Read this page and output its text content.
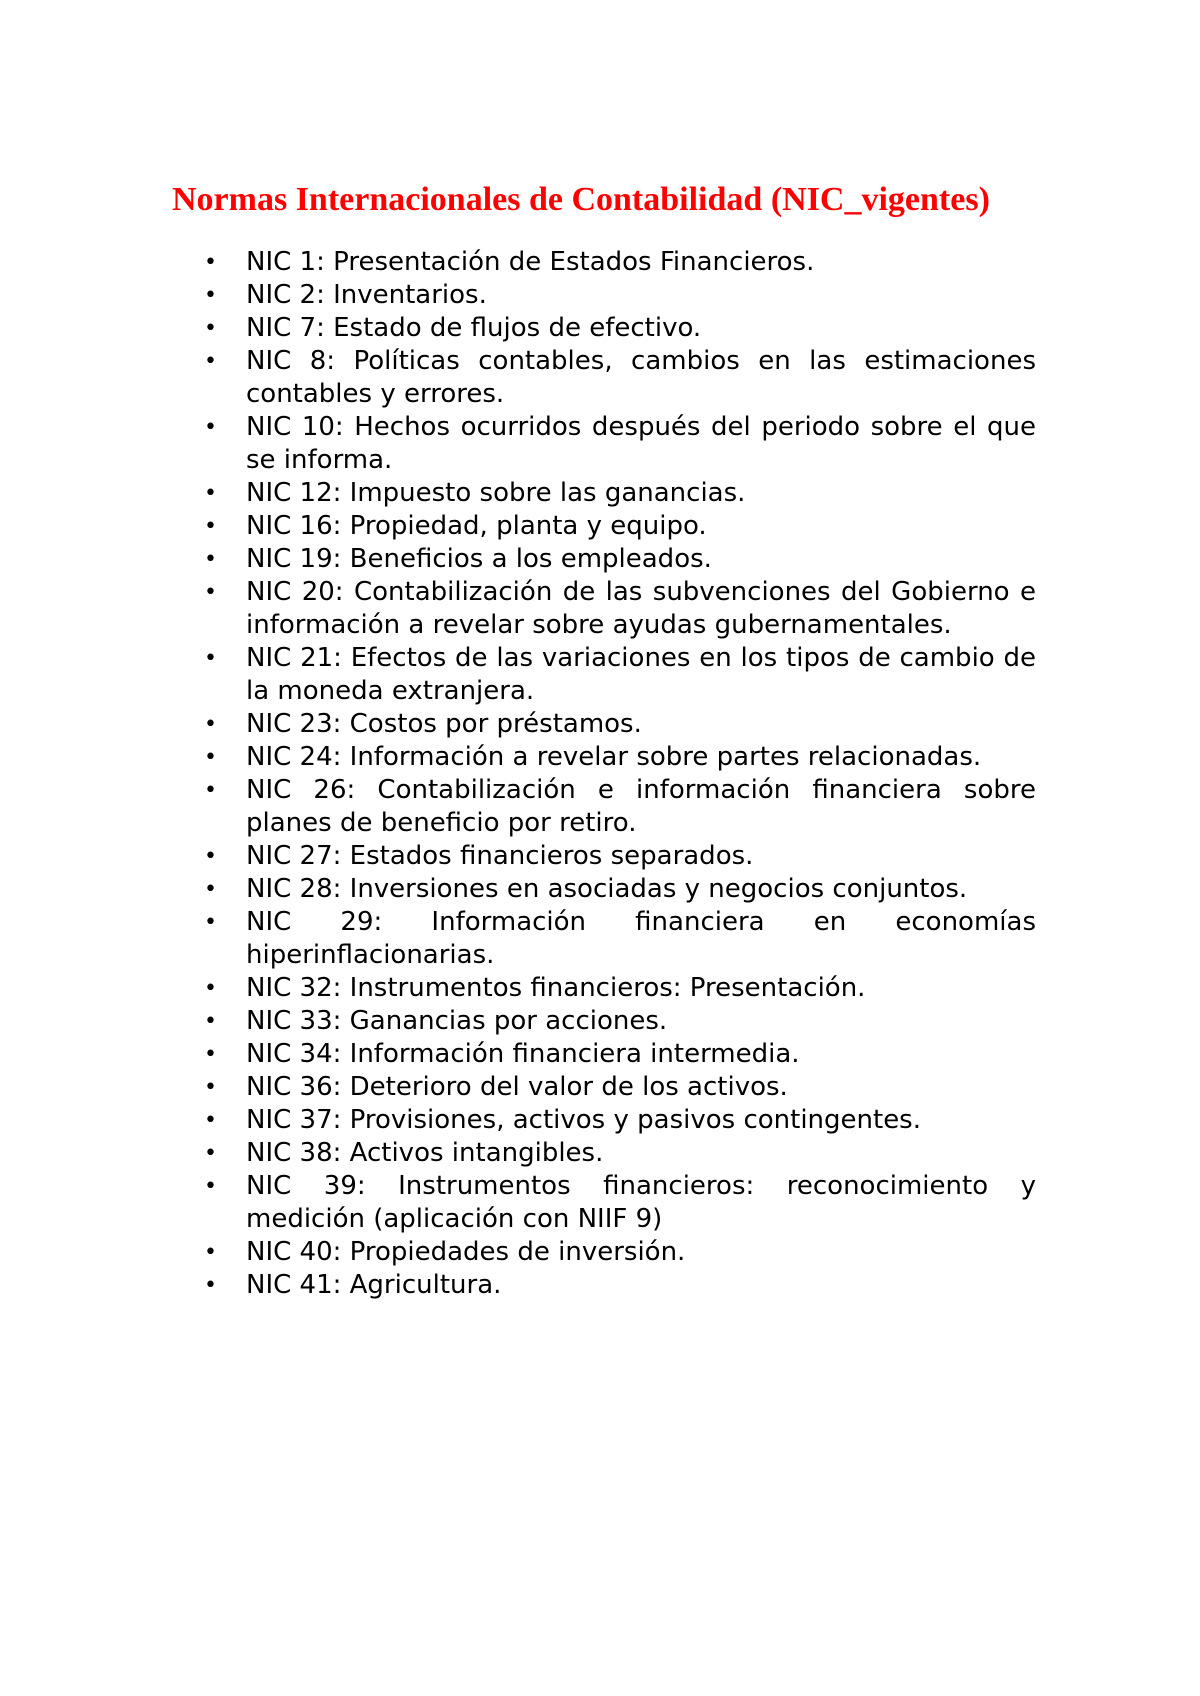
Normas Internacionales de Contabilidad (NIC_vigentes)
• NIC 1: Presentación de Estados Financieros.
• NIC 2: Inventarios.
• NIC 7: Estado de flujos de efectivo.
• NIC 8: Políticas contables, cambios en las estimaciones contables y errores.
• NIC 10: Hechos ocurridos después del periodo sobre el que se informa.
• NIC 12: Impuesto sobre las ganancias.
• NIC 16: Propiedad, planta y equipo.
• NIC 19: Beneficios a los empleados.
• NIC 20: Contabilización de las subvenciones del Gobierno e información a revelar sobre ayudas gubernamentales.
• NIC 21: Efectos de las variaciones en los tipos de cambio de la moneda extranjera.
• NIC 23: Costos por préstamos.
• NIC 24: Información a revelar sobre partes relacionadas.
• NIC 26: Contabilización e información financiera sobre planes de beneficio por retiro.
• NIC 27: Estados financieros separados.
• NIC 28: Inversiones en asociadas y negocios conjuntos.
• NIC 29: Información financiera en economías hiperinflacionarias.
• NIC 32: Instrumentos financieros: Presentación.
• NIC 33: Ganancias por acciones.
• NIC 34: Información financiera intermedia.
• NIC 36: Deterioro del valor de los activos.
• NIC 37: Provisiones, activos y pasivos contingentes.
• NIC 38: Activos intangibles.
• NIC 39: Instrumentos financieros: reconocimiento y medición (aplicación con NIIF 9)
• NIC 40: Propiedades de inversión.
• NIC 41: Agricultura.
